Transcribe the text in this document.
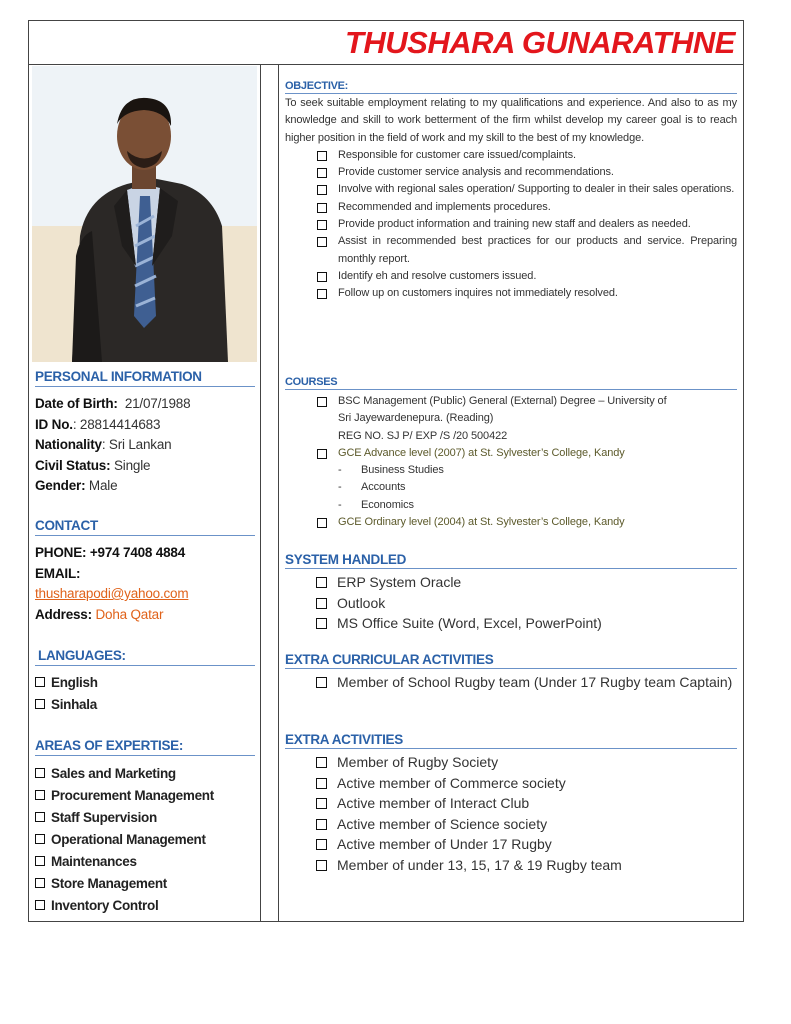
THUSHARA GUNARATHNE
PERSONAL INFORMATION
Date of Birth: 21/07/1988
ID No.: 28814414683
Nationality: Sri Lankan
Civil Status: Single
Gender: Male
CONTACT
PHONE: +974 7408 4884
EMAIL:
thusharapodi@yahoo.com
Address: Doha Qatar
LANGUAGES:
English
Sinhala
AREAS OF EXPERTISE:
Sales and Marketing
Procurement Management
Staff Supervision
Operational Management
Maintenances
Store Management
Inventory Control
OBJECTIVE:
To seek suitable employment relating to my qualifications and experience. And also to as my knowledge and skill to work betterment of the firm whilst develop my career goal is to reach higher position in the field of work and my skill to the best of my knowledge.
Responsible for customer care issued/complaints.
Provide customer service analysis and recommendations.
Involve with regional sales operation/ Supporting to dealer in their sales operations.
Recommended and implements procedures.
Provide product information and training new staff and dealers as needed.
Assist in recommended best practices for our products and service. Preparing monthly report.
Identify eh and resolve customers issued.
Follow up on customers inquires not immediately resolved.
COURSES
BSC Management (Public) General (External) Degree – University of
Sri Jayewardenepura. (Reading)
REG NO. SJ P/ EXP /S /20 500422
GCE Advance level (2007) at St. Sylvester’s College, Kandy
- Business Studies
- Accounts
- Economics
GCE Ordinary level (2004) at St. Sylvester’s College, Kandy
SYSTEM HANDLED
ERP System Oracle
Outlook
MS Office Suite (Word, Excel, PowerPoint)
EXTRA CURRICULAR ACTIVITIES
Member of School Rugby team (Under 17 Rugby team Captain)
EXTRA ACTIVITIES
Member of Rugby Society
Active member of Commerce society
Active member of Interact Club
Active member of Science society
Active member of Under 17 Rugby
Member of under 13, 15, 17 & 19 Rugby team
